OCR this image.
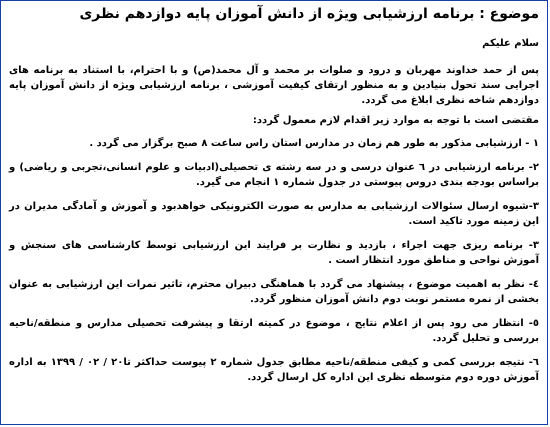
موضوع : برنامه ارزشیابی ویژه از دانش آموزان پایه دوازدهم نظری
سلام علیکم
پس از حمد خداوند مهربان و درود و صلوات بر محمد و آل محمد(ص) و با احترام، با استناد به برنامه های اجرایی سند تحول بنیادین و به منظور ارتقای کیفیت آموزشی ، برنامه ارزشیابی ویژه از دانش آموزان پایه دوازدهم شاخه نظری ابلاغ می گردد.
مقتضی است با توجه به موارد زیر اقدام لازم معمول گردد:
۱ - ارزشیابی مذکور به طور هم زمان در مدارس استان راس ساعت ۸ صبح برگزار می گردد .
۲- برنامه ارزشیابی در ٦ عنوان درسی و در سه رشته ی تحصیلی(ادبیات و علوم انسانی،تجربی و ریاضی) و براساس بودجه بندی دروس پیوستی در جدول شماره ۱ انجام می گیرد.
۳-شیوه ارسال سئوالات ارزشیابی به مدارس به صورت الکترونیکی خواهدبود و آموزش و آمادگی مدیران در این زمینه مورد تاکید است.
۳- برنامه ریزی جهت اجراء ، بازدید و نظارت بر فرایند این ارزشیابی توسط کارشناسی های سنجش و آموزش نواحی و مناطق مورد انتظار است .
٤- نظر به اهمیت موضوع ، پیشنهاد می گردد با هماهنگی دبیران محترم، تاثیر نمرات این ارزشیابی به عنوان بخشی از نمره مستمر نوبت دوم دانش آموزان منظور گردد.
٥- انتظار می رود پس از اعلام نتایج ، موضوع در کمیته ارتقا و پیشرفت تحصیلی مدارس و منطقه/ناحیه بررسی و تحلیل گردد.
٦- نتیجه بررسی کمی و کیفی منطقه/ناحیه مطابق جدول شماره ۲ پیوست حداکثر تا۲۰ / ۰۲ / ۱۳۹۹ به اداره آموزش دوره دوم متوسطه نظری این اداره کل ارسال گردد.
